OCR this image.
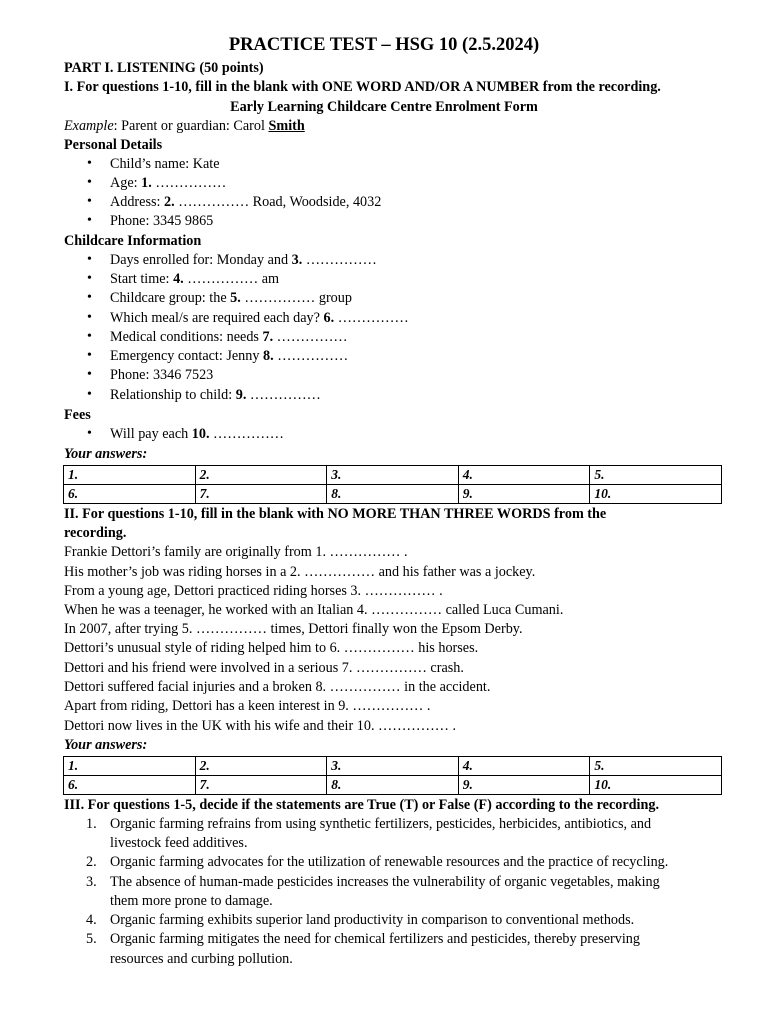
PRACTICE TEST – HSG 10 (2.5.2024)
PART I. LISTENING (50 points)
I. For questions 1-10, fill in the blank with ONE WORD AND/OR A NUMBER from the recording.
Early Learning Childcare Centre Enrolment Form
Example: Parent or guardian: Carol Smith
Personal Details
• Child’s name: Kate
• Age: 1. ……………
• Address: 2. …………… Road, Woodside, 4032
• Phone: 3345 9865
Childcare Information
• Days enrolled for: Monday and 3. ……………
• Start time: 4. …………… am
• Childcare group: the 5. …………… group
• Which meal/s are required each day? 6. ……………
• Medical conditions: needs 7. ……………
• Emergency contact: Jenny 8. ……………
• Phone: 3346 7523
• Relationship to child: 9. ……………
Fees
• Will pay each 10. ……………
Your answers:
1.	2.	3.	4.	5.
6.	7.	8.	9.	10.
II. For questions 1-10, fill in the blank with NO MORE THAN THREE WORDS from the
recording.
Frankie Dettori’s family are originally from 1. …………… .
His mother’s job was riding horses in a 2. …………… and his father was a jockey.
From a young age, Dettori practiced riding horses 3. …………… .
When he was a teenager, he worked with an Italian 4. …………… called Luca Cumani.
In 2007, after trying 5. …………… times, Dettori finally won the Epsom Derby.
Dettori’s unusual style of riding helped him to 6. …………… his horses.
Dettori and his friend were involved in a serious 7. …………… crash.
Dettori suffered facial injuries and a broken 8. …………… in the accident.
Apart from riding, Dettori has a keen interest in 9. …………… .
Dettori now lives in the UK with his wife and their 10. …………… .
Your answers:
1.	2.	3.	4.	5.
6.	7.	8.	9.	10.
III. For questions 1-5, decide if the statements are True (T) or False (F) according to the recording.
1. Organic farming refrains from using synthetic fertilizers, pesticides, herbicides, antibiotics, and
livestock feed additives.
2. Organic farming advocates for the utilization of renewable resources and the practice of recycling.
3. The absence of human-made pesticides increases the vulnerability of organic vegetables, making
them more prone to damage.
4. Organic farming exhibits superior land productivity in comparison to conventional methods.
5. Organic farming mitigates the need for chemical fertilizers and pesticides, thereby preserving
resources and curbing pollution.
